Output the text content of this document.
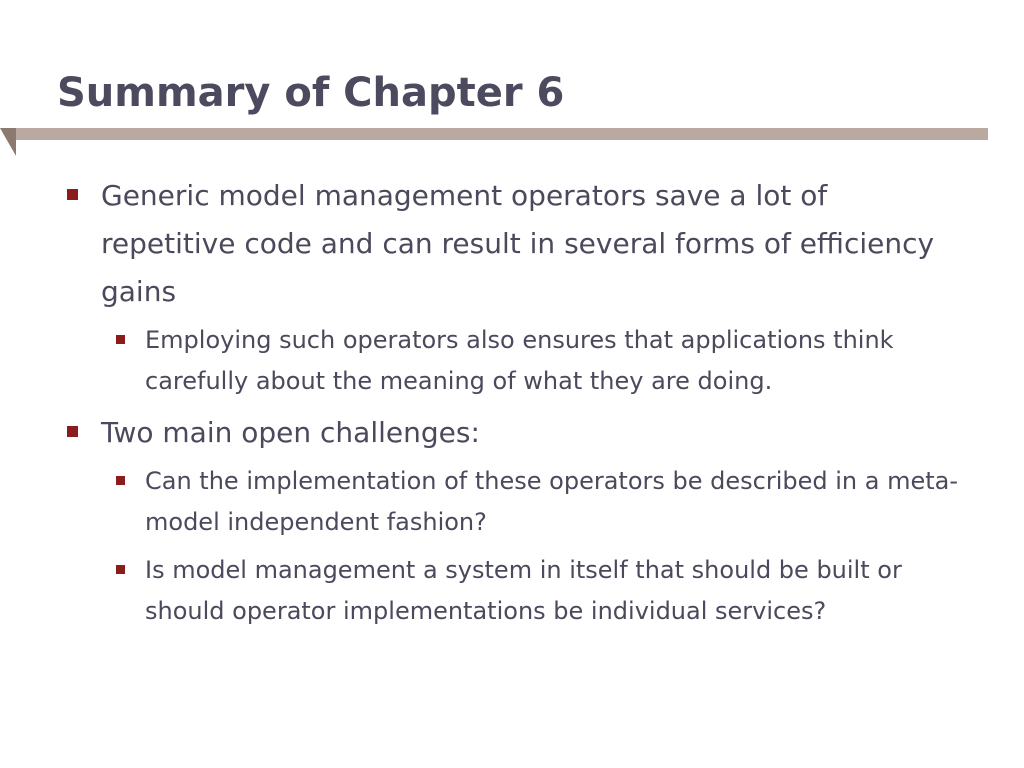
Summary of Chapter 6
Generic model management operators save a lot of repetitive code and can result in several forms of efficiency gains
Employing such operators also ensures that applications think carefully about the meaning of what they are doing.
Two main open challenges:
Can the implementation of these operators be described in a meta-model independent fashion?
Is model management a system in itself that should be built or should operator implementations be individual services?
